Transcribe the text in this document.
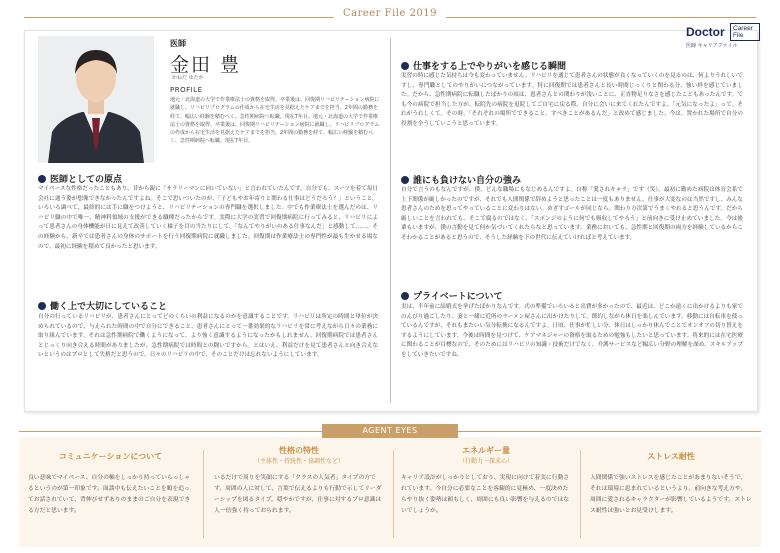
Career File 2019
Doctor	Career File
医師 キャリアファイル
医師
金田 豊
かねだ ゆたか
PROFILE
地元・北海道の大学で作業療法士の資格を取得。卒業後は、回復期リハビリテーション病院に就職し、リハビリプログラムの作成から在宅生活を見据えたケアまでを担当。2年間の勤務を経て、幅広い経験を積むべく、急性期病院へ転職。現在7年目。地元・北海道の大学で作業療法士の資格を取得。卒業後は、回復期リハビリテーション病院に就職し、リハビリプログラムの作成から在宅生活を見据えたケアまでを担当。2年間の勤務を経て、幅広い経験を積むべく、急性期病院へ転職。現在7年目。
医師としての原点
マイペースな性格だったこともあり、昔から親に「サラリーマンに向いていない」と言われていたんです。自分でも、スーツを着て毎日会社に通う姿が想像できなかったんですよね。そこで思いついたのが、「子どもやお年寄りと関わる仕事はどうだろう？」ということ。いろいろ調べて、最終的には手に職をつけようと、リハビリテーションの専門職を選択しました。中でも作業療法士を選んだのは、リハビリ職の中で唯一、精神科領域の支援ができる職種だったからです。実際に大学の実習で回復期病院に行ってみると、リハビリによって患者さんの身体機能が日に見えて改善していく様子を目の当たりにして、「なんてやりがいのある仕事なんだ」と感動して……。その経験から、新卒では患者さんの身体のサポートを行う回復期病院に就職しました。回復期は作業療法士の専門性が最も生かせる場なので、最初に経験を積めて良かったと思います。
働く上で大切にしていること
自分の行っているリハビリが、患者さんにとってどのくらいの利益になるのかを意識することです。リハビリは所定の時間と単位が決められているので、与えられた時間の中で自分にできること、患者さんにとって一番効果的なリハビリを常に考えながら日々の業務に取り組んでいます。それは急性期病院で働くようになって、より強く意識するようになったかもしれません。回復期病院では患者さんとじっくり向き合える時間がありましたが、急性期病院では時間との闘いですから。とはいえ、利益だけを見て患者さんと向き合えないというのはプロとして失格だと思うので、日々のリハビリの中で、そのことだけは忘れないようにしています。
仕事をする上でやりがいを感じる瞬間
実習の時に感じた気持ちは今も変わっていません。リハビリを通じて患者さんの状態が良くなっていくのを見るのは、何よりうれしいですし、専門職としてのやりがいにつながっています。特に回復期では患者さんと長い時間じっくりと関わる分、強い絆を感じていました。だから、急性期病院に転職したばかりの頃は、患者さんとの関わりが浅いことに、正直物足りなさを感じたこともあったんです。でも今の病院で担当した方が、転院先の病院を退院してご自宅に戻る際、自分に会いに来てくれたんですよ。「元気になったよ」って。それがうれしくて。その時、「それぞれの場所でできること、すべきことがあるんだ」と改めて感じました。今は、置かれた場所で自分の役割を全うしていこうと思っています。
誰にも負けない自分の強み
自分で言うのもなんですが、僕、どんな職場にもなじめるんですよ。自称「愛されキャラ」です（笑）。最初に勤めた病院は体育会系で上下関係が厳しかったのですが、それでも人間関係で辞めようと思ったことは一度もありません。仕事が大変なのは当然ですし、みんな患者さんのためを思ってやっていることに変わりはない。めざすゴールが同じなら、関わり方次第でうまくやれると思うんです。だから厳しいことを言われても、そこで腐るのではなく、「スポンジのように何でも吸収してやろう」と前向きに受け止めていました。今は後輩もいますが、僕の言動を見て何か気づいてくれたらなと思っています。業務においても、急性期と回復期の両方を経験しているからこそわかることがあると思うので、そうした経験を下の世代に伝えていければと考えています。
プライベートについて
実は、半年前に結婚式を挙げたばかりなんです。式の準備でいろいろと出費が多かったので、最近は、どこか遠くに出かけるよりも家でのんびり過ごしたり、妻と一緒に近所のラーメン屋さんに出かけたりして、節約しながら休日を楽しんでいます。移動には自転車を使っているんですが、それもまたいい気分転換になるんですよ。日頃、仕事が忙しい分、休日はしっかり休んでことでオンオフの切り替えをするようにしています。今後は時間を見つけて、ケアマネジャーの資格を取るための勉強もしたいと思っています。将来的には在宅医療に関わることが目標なので、そのためにはリハビリの知識・技術だけでなく、介護サービスなど幅広い分野の理解を深め、スキルアップをしていきたいですね。
AGENT EYES
コミュニケーションについて
良い意味でマイペース。自分の軸をしっかり持っていらっしゃるというのが第一印象です。面談中も伝えたいことを順を追ってお話されていて、背伸びせずありのままのご自分を表現できる方だと思います。
性格の特性
（主体性・持続性・協調性など）
いるだけで周りを笑顔にする「クラスの人気者」タイプの方です。周囲の人に対して、言葉で伝えるよりも行動で示してリーダーシップを図るタイプ。穏やかですが、仕事に対するプロ意識は人一倍強く持っておられます。
エネルギー量
（行動力・探求心）
キャリア設計がしっかりとしており、実現に向けて着実に行動されています。今自分に必要なことを客観的に見極め、一度決めたらやり抜く姿勢は頼もしく、周囲にも良い影響を与えるのではないでしょうか。
ストレス耐性
人間関係で強いストレスを感じたことがあまりないそうで、それは環境に恵まれているというより、前向きな考え方や、周囲に愛されるキャラクターが影響しているようです。ストレス耐性は強いとお見受けします。
